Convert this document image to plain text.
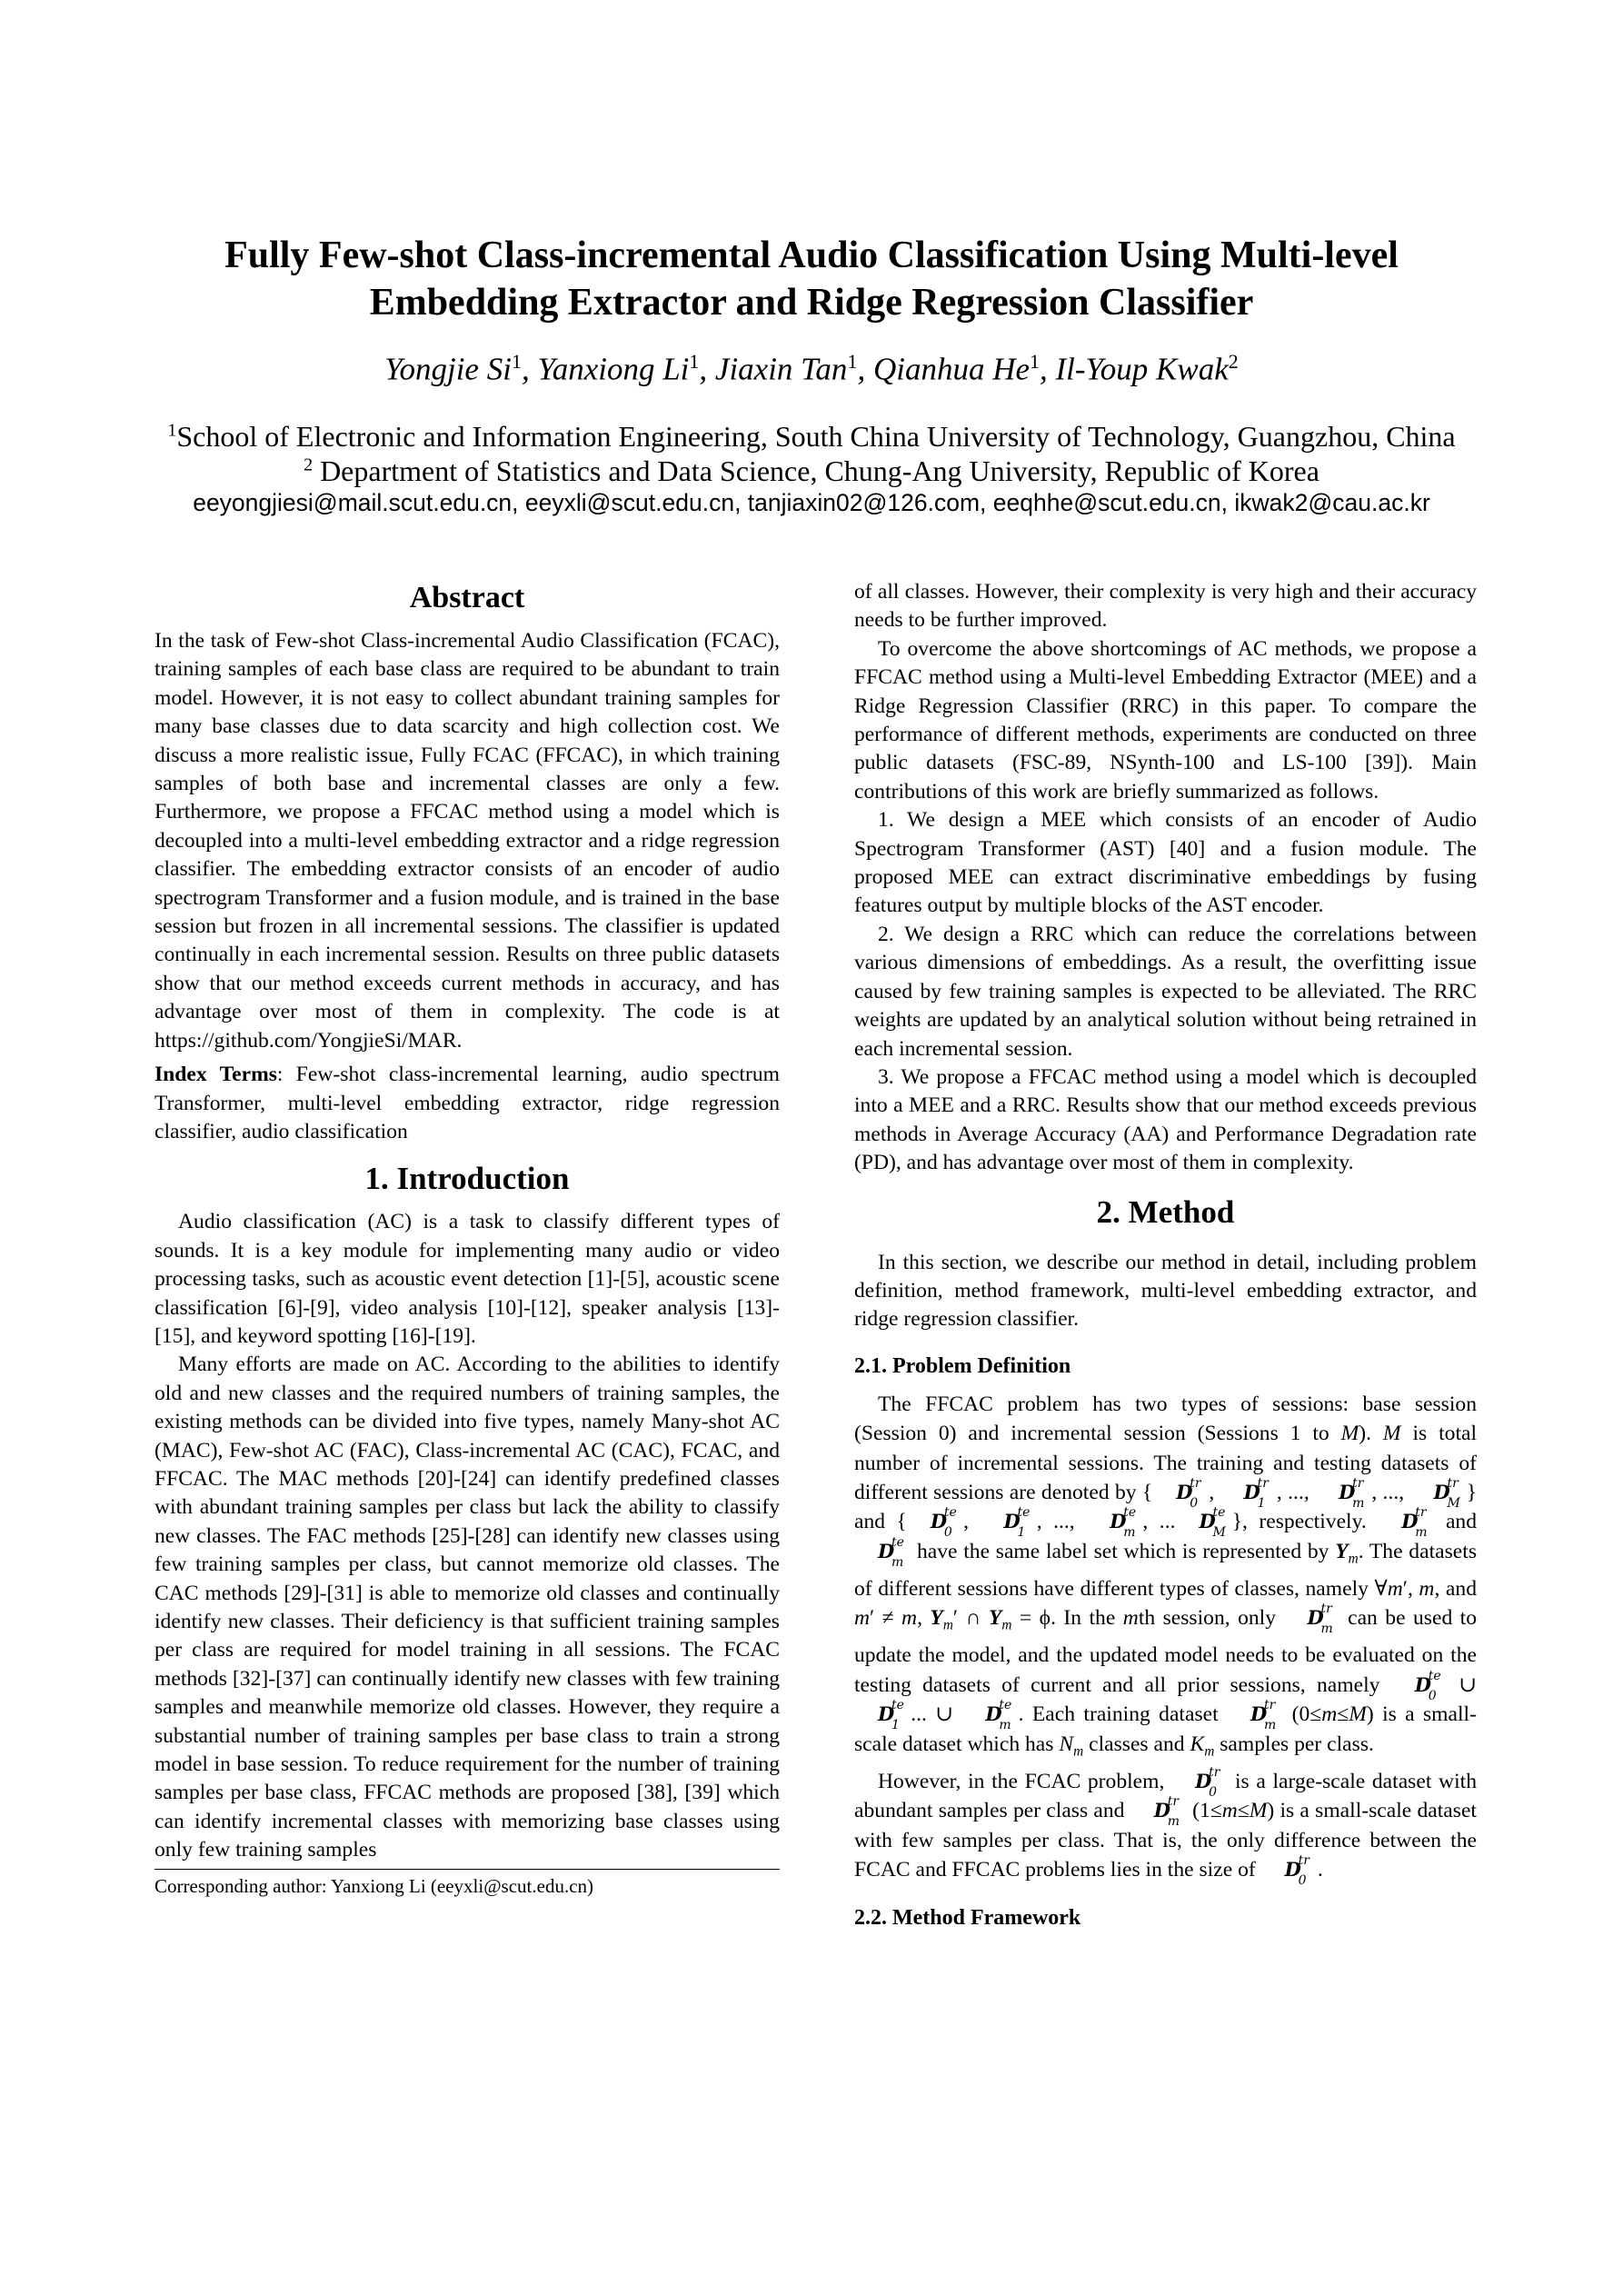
Fully Few-shot Class-incremental Audio Classification Using Multi-level
Embedding Extractor and Ridge Regression Classifier
Yongjie Si$^1$, Yanxiong Li$^1$, Jiaxin Tan$^1$, Qianhua He$^1$, Il-Youp Kwak$^2$
$^1$School of Electronic and Information Engineering, South China University of Technology, Guangzhou, China
$^2$ Department of Statistics and Data Science, Chung-Ang University, Republic of Korea
eeyongjiesi@mail.scut.edu.cn, eeyxli@scut.edu.cn, tanjiaxin02@126.com, eeqhhe@scut.edu.cn, ikwak2@cau.ac.kr
Abstract

In the task of Few-shot Class-incremental Audio Classification (FCAC), training samples of each base class are required to be abundant to train model. However, it is not easy to collect abundant training samples for many base classes due to data scarcity and high collection cost. We discuss a more realistic issue, Fully FCAC (FFCAC), in which training samples of both base and incremental classes are only a few. Furthermore, we propose a FFCAC method using a model which is decoupled into a multi-level embedding extractor and a ridge regression classifier. The embedding extractor consists of an encoder of audio spectrogram Transformer and a fusion module, and is trained in the base session but frozen in all incremental sessions. The classifier is updated continually in each incremental session. Results on three public datasets show that our method exceeds current methods in accuracy, and has advantage over most of them in complexity. The code is at https://github.com/YongjieSi/MAR.

Index Terms: Few-shot class-incremental learning, audio spectrum Transformer, multi-level embedding extractor, ridge regression classifier, audio classification

1. Introduction

Audio classification (AC) is a task to classify different types of sounds. It is a key module for implementing many audio or video processing tasks, such as acoustic event detection [1]-[5], acoustic scene classification [6]-[9], video analysis [10]-[12], speaker analysis [13]-[15], and keyword spotting [16]-[19].

Many efforts are made on AC. According to the abilities to identify old and new classes and the required numbers of training samples, the existing methods can be divided into five types, namely Many-shot AC (MAC), Few-shot AC (FAC), Class-incremental AC (CAC), FCAC, and FFCAC. The MAC methods [20]-[24] can identify predefined classes with abundant training samples per class but lack the ability to classify new classes. The FAC methods [25]-[28] can identify new classes using few training samples per class, but cannot memorize old classes. The CAC methods [29]-[31] is able to memorize old classes and continually identify new classes. Their deficiency is that sufficient training samples per class are required for model training in all sessions. The FCAC methods [32]-[37] can continually identify new classes with few training samples and meanwhile memorize old classes. However, they require a substantial number of training samples per base class to train a strong model in base session. To reduce requirement for the number of training samples per base class, FFCAC methods are proposed [38], [39] which can identify incremental classes with memorizing base classes using only few training samples

Corresponding author: Yanxiong Li (eeyxli@scut.edu.cn)

of all classes. However, their complexity is very high and their accuracy needs to be further improved.

To overcome the above shortcomings of AC methods, we propose a FFCAC method using a Multi-level Embedding Extractor (MEE) and a Ridge Regression Classifier (RRC) in this paper. To compare the performance of different methods, experiments are conducted on three public datasets (FSC-89, NSynth-100 and LS-100 [39]). Main contributions of this work are briefly summarized as follows.

1. We design a MEE which consists of an encoder of Audio Spectrogram Transformer (AST) [40] and a fusion module. The proposed MEE can extract discriminative embeddings by fusing features output by multiple blocks of the AST encoder.

2. We design a RRC which can reduce the correlations between various dimensions of embeddings. As a result, the overfitting issue caused by few training samples is expected to be alleviated. The RRC weights are updated by an analytical solution without being retrained in each incremental session.

3. We propose a FFCAC method using a model which is decoupled into a MEE and a RRC. Results show that our method exceeds previous methods in Average Accuracy (AA) and Performance Degradation rate (PD), and has advantage over most of them in complexity.

2. Method

In this section, we describe our method in detail, including problem definition, method framework, multi-level embedding extractor, and ridge regression classifier.

2.1. Problem Definition

The FFCAC problem has two types of sessions: base session (Session 0) and incremental session (Sessions 1 to M). M is total number of incremental sessions. The training and testing datasets of different sessions are denoted by { D
tr
0 , D
tr
1 , ..., D
tr
m , ..., D
tr
M } and { D
te
0 , D
te
1 , ..., D
te
m , ... D
te
M }, respectively. D
tr
m and D
te
m have the same label set which is represented by $Y_m$. The datasets of different sessions have different types of classes, namely ∀m′, m, and m′ ≠ m, $Y_m'$ ∩ $Y_m = \phi$. In the mth session, only D
tr
m can be used to update the model, and the updated model needs to be evaluated on the testing datasets of current and all prior sessions, namely D
te
0 ∪ D
te
1 ... ∪ D
te
m . Each training dataset D
tr
m (0≤m≤M) is a small-scale dataset which has $N_m$ classes and $K_m$ samples per class.

However, in the FCAC problem, D
tr
0 is a large-scale dataset with abundant samples per class and D
tr
m (1≤m≤M) is a small-scale dataset with few samples per class. That is, the only difference between the FCAC and FFCAC problems lies in the size of D
tr
0 .

2.2. Method Framework
